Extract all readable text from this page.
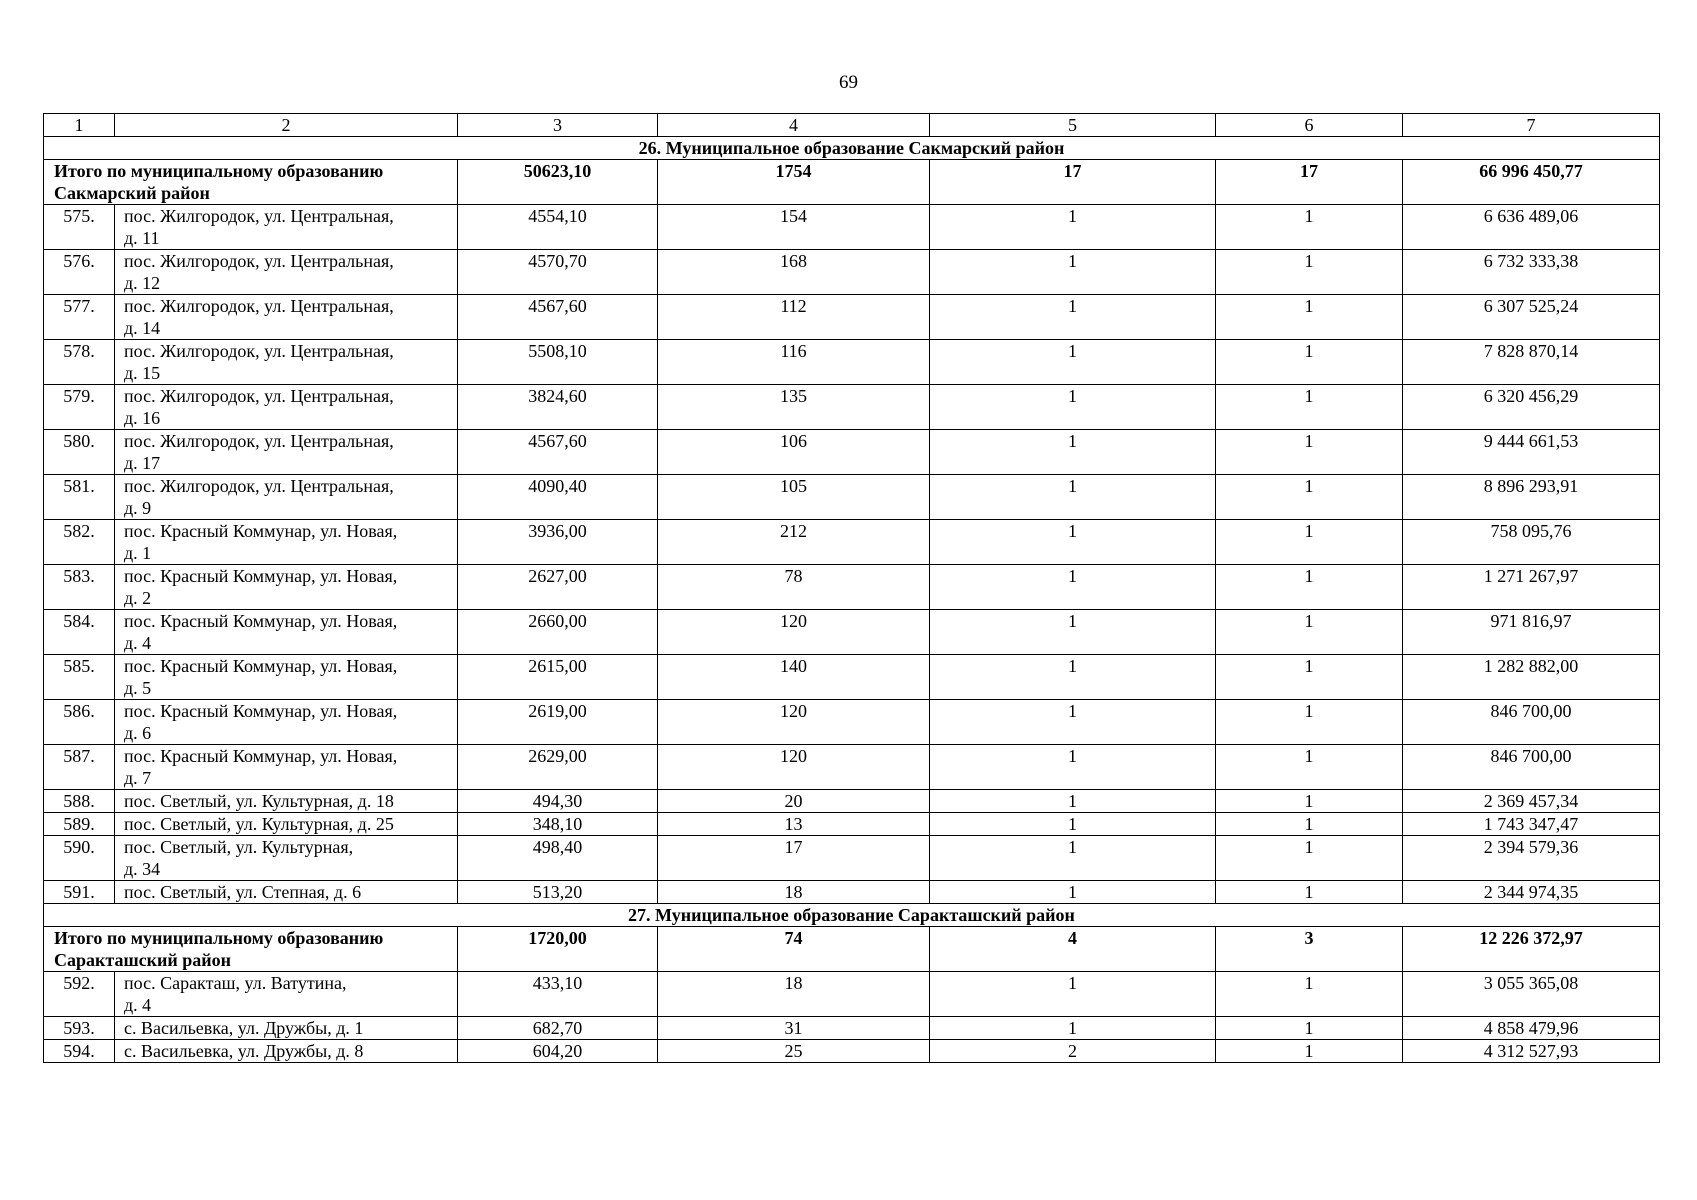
69
1	2	3	4	5	6	7
26. Муниципальное образование Сакмарский район						

Итого по муниципальному образованию
Сакмарский район		50623,10	1754	17	17	66 996 450,77
575.	пос. Жилгородок, ул. Центральная,
д. 11	4554,10	154	1	1	6 636 489,06
576.	пос. Жилгородок, ул. Центральная,
д. 12	4570,70	168	1	1	6 732 333,38
577.	пос. Жилгородок, ул. Центральная,
д. 14	4567,60	112	1	1	6 307 525,24
578.	пос. Жилгородок, ул. Центральная,
д. 15	5508,10	116	1	1	7 828 870,14
579.	пос. Жилгородок, ул. Центральная,
д. 16	3824,60	135	1	1	6 320 456,29
580.	пос. Жилгородок, ул. Центральная,
д. 17	4567,60	106	1	1	9 444 661,53
581.	пос. Жилгородок, ул. Центральная,
д. 9	4090,40	105	1	1	8 896 293,91
582.	пос. Красный Коммунар, ул. Новая,
д. 1	3936,00	212	1	1	758 095,76
583.	пос. Красный Коммунар, ул. Новая,
д. 2	2627,00	78	1	1	1 271 267,97
584.	пос. Красный Коммунар, ул. Новая,
д. 4	2660,00	120	1	1	971 816,97
585.	пос. Красный Коммунар, ул. Новая,
д. 5	2615,00	140	1	1	1 282 882,00
586.	пос. Красный Коммунар, ул. Новая,
д. 6	2619,00	120	1	1	846 700,00
587.	пос. Красный Коммунар, ул. Новая,
д. 7	2629,00	120	1	1	846 700,00
588.	пос. Светлый, ул. Культурная, д. 18	494,30	20	1	1	2 369 457,34
589.	пос. Светлый, ул. Культурная, д. 25	348,10	13	1	1	1 743 347,47
590.	пос. Светлый, ул. Культурная,
д. 34	498,40	17	1	1	2 394 579,36
591.	пос. Светлый, ул. Степная, д. 6	513,20	18	1	1	2 344 974,35
27. Муниципальное образование Саракташский район						

Итого по муниципальному образованию
Саракташский район		1720,00	74	4	3	12 226 372,97
592.	пос. Саракташ, ул. Ватутина,
д. 4	433,10	18	1	1	3 055 365,08
593.	с. Васильевка, ул. Дружбы, д. 1	682,70	31	1	1	4 858 479,96
594.	с. Васильевка, ул. Дружбы, д. 8	604,20	25	2	1	4 312 527,93
